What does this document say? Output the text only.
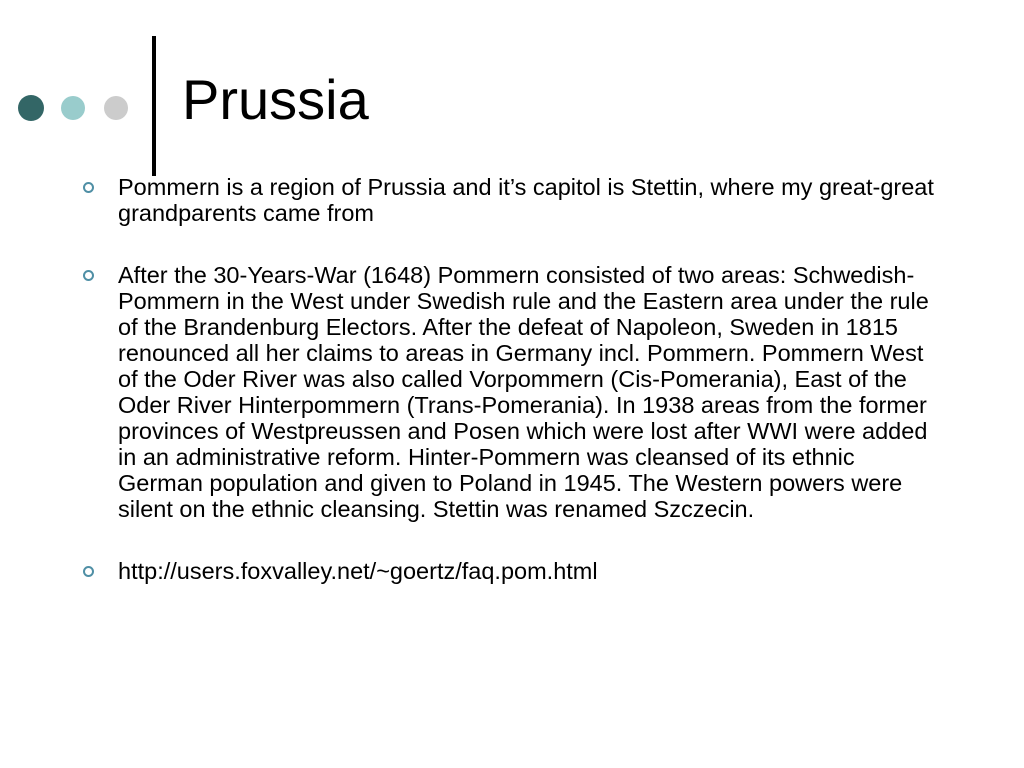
Prussia
Pommern is a region of Prussia and it’s capitol is Stettin, where my great-great grandparents came from
After the 30-Years-War (1648) Pommern consisted of two areas: Schwedish-Pommern in the West under Swedish rule and the Eastern area under the rule of the Brandenburg Electors. After the defeat of Napoleon, Sweden in 1815 renounced all her claims to areas in Germany incl. Pommern. Pommern West of the Oder River was also called Vorpommern (Cis-Pomerania), East of the Oder River Hinterpommern (Trans-Pomerania). In 1938 areas from the former provinces of Westpreussen and Posen which were lost after WWI were added in an administrative reform. Hinter-Pommern was cleansed of its ethnic German population and given to Poland in 1945. The Western powers were silent on the ethnic cleansing. Stettin was renamed Szczecin.
http://users.foxvalley.net/~goertz/faq.pom.html
